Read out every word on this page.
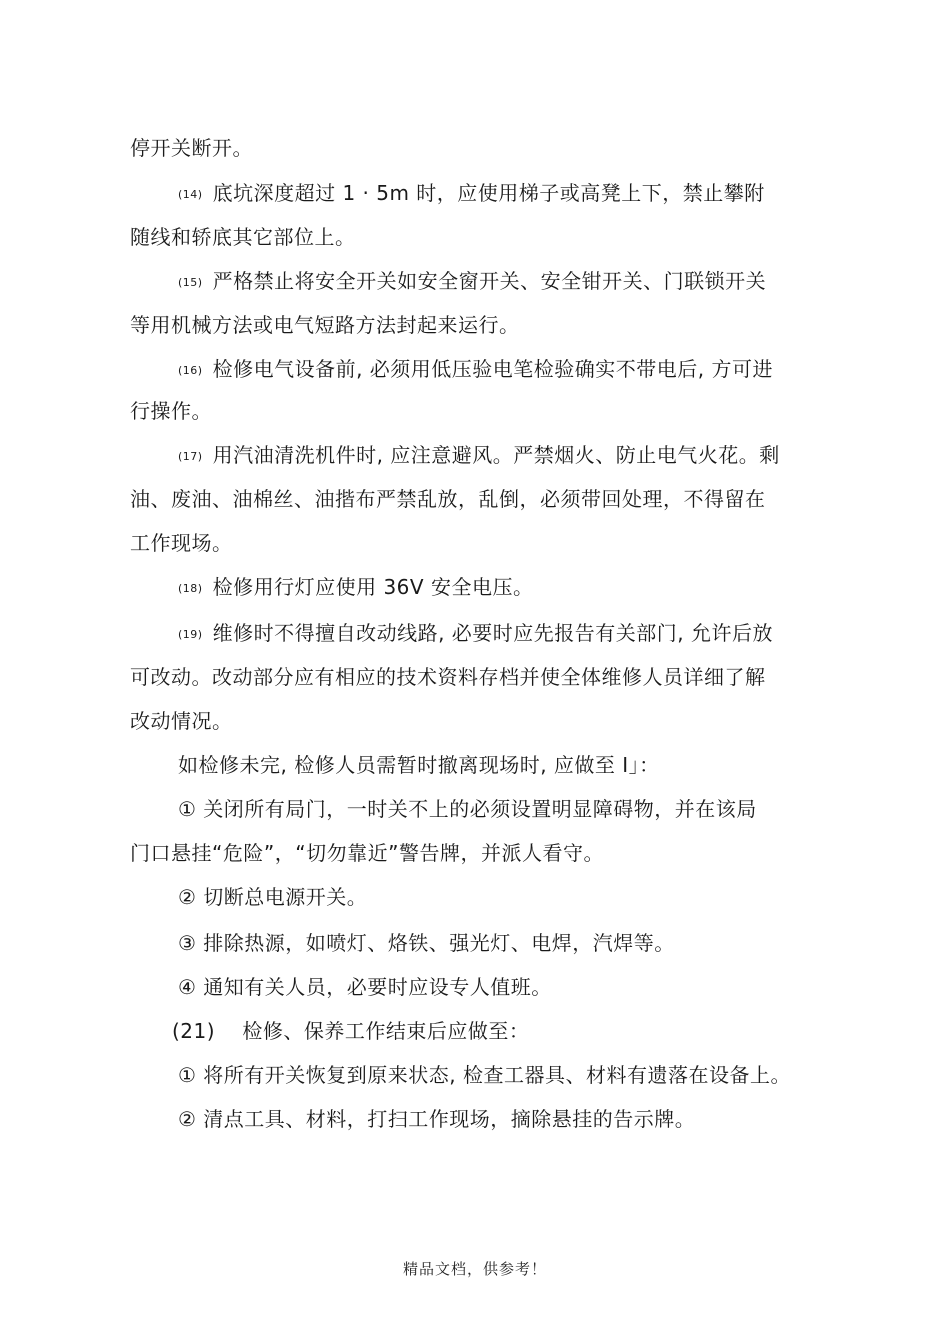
停开关断开。
(14) 底坑深度超过 1 · 5m 时，应使用梯子或高凳上下，禁止攀附
随线和轿底其它部位上。
(15) 严格禁止将安全开关如安全窗开关、安全钳开关、门联锁开关
等用机械方法或电气短路方法封起来运行。
(16) 检修电气设备前, 必须用低压验电笔检验确实不带电后, 方可进
行操作。
(17) 用汽油清洗机件时, 应注意避风。严禁烟火、防止电气火花。剩
油、废油、油棉丝、油揩布严禁乱放，乱倒，必须带回处理，不得留在
工作现场。
(18) 检修用行灯应使用 36V 安全电压。
(19) 维修时不得擅自改动线路, 必要时应先报告有关部门, 允许后放
可改动。改动部分应有相应的技术资料存档并使全体维修人员详细了解
改动情况。
如检修未完, 检修人员需暂时撤离现场时, 应做至 I」：
① 关闭所有局门，一时关不上的必须设置明显障碍物，并在该局
门口悬挂“危险”，“切勿靠近”警告牌，并派人看守。
② 切断总电源开关。
③ 排除热源，如喷灯、烙铁、强光灯、电焊，汽焊等。
④ 通知有关人员，必要时应设专人值班。
(21)　 检修、保养工作结束后应做至：
① 将所有开关恢复到原来状态, 检查工器具、材料有遗落在设备上。
② 清点工具、材料，打扫工作现场，摘除悬挂的告示牌。
精品文档，供参考！
